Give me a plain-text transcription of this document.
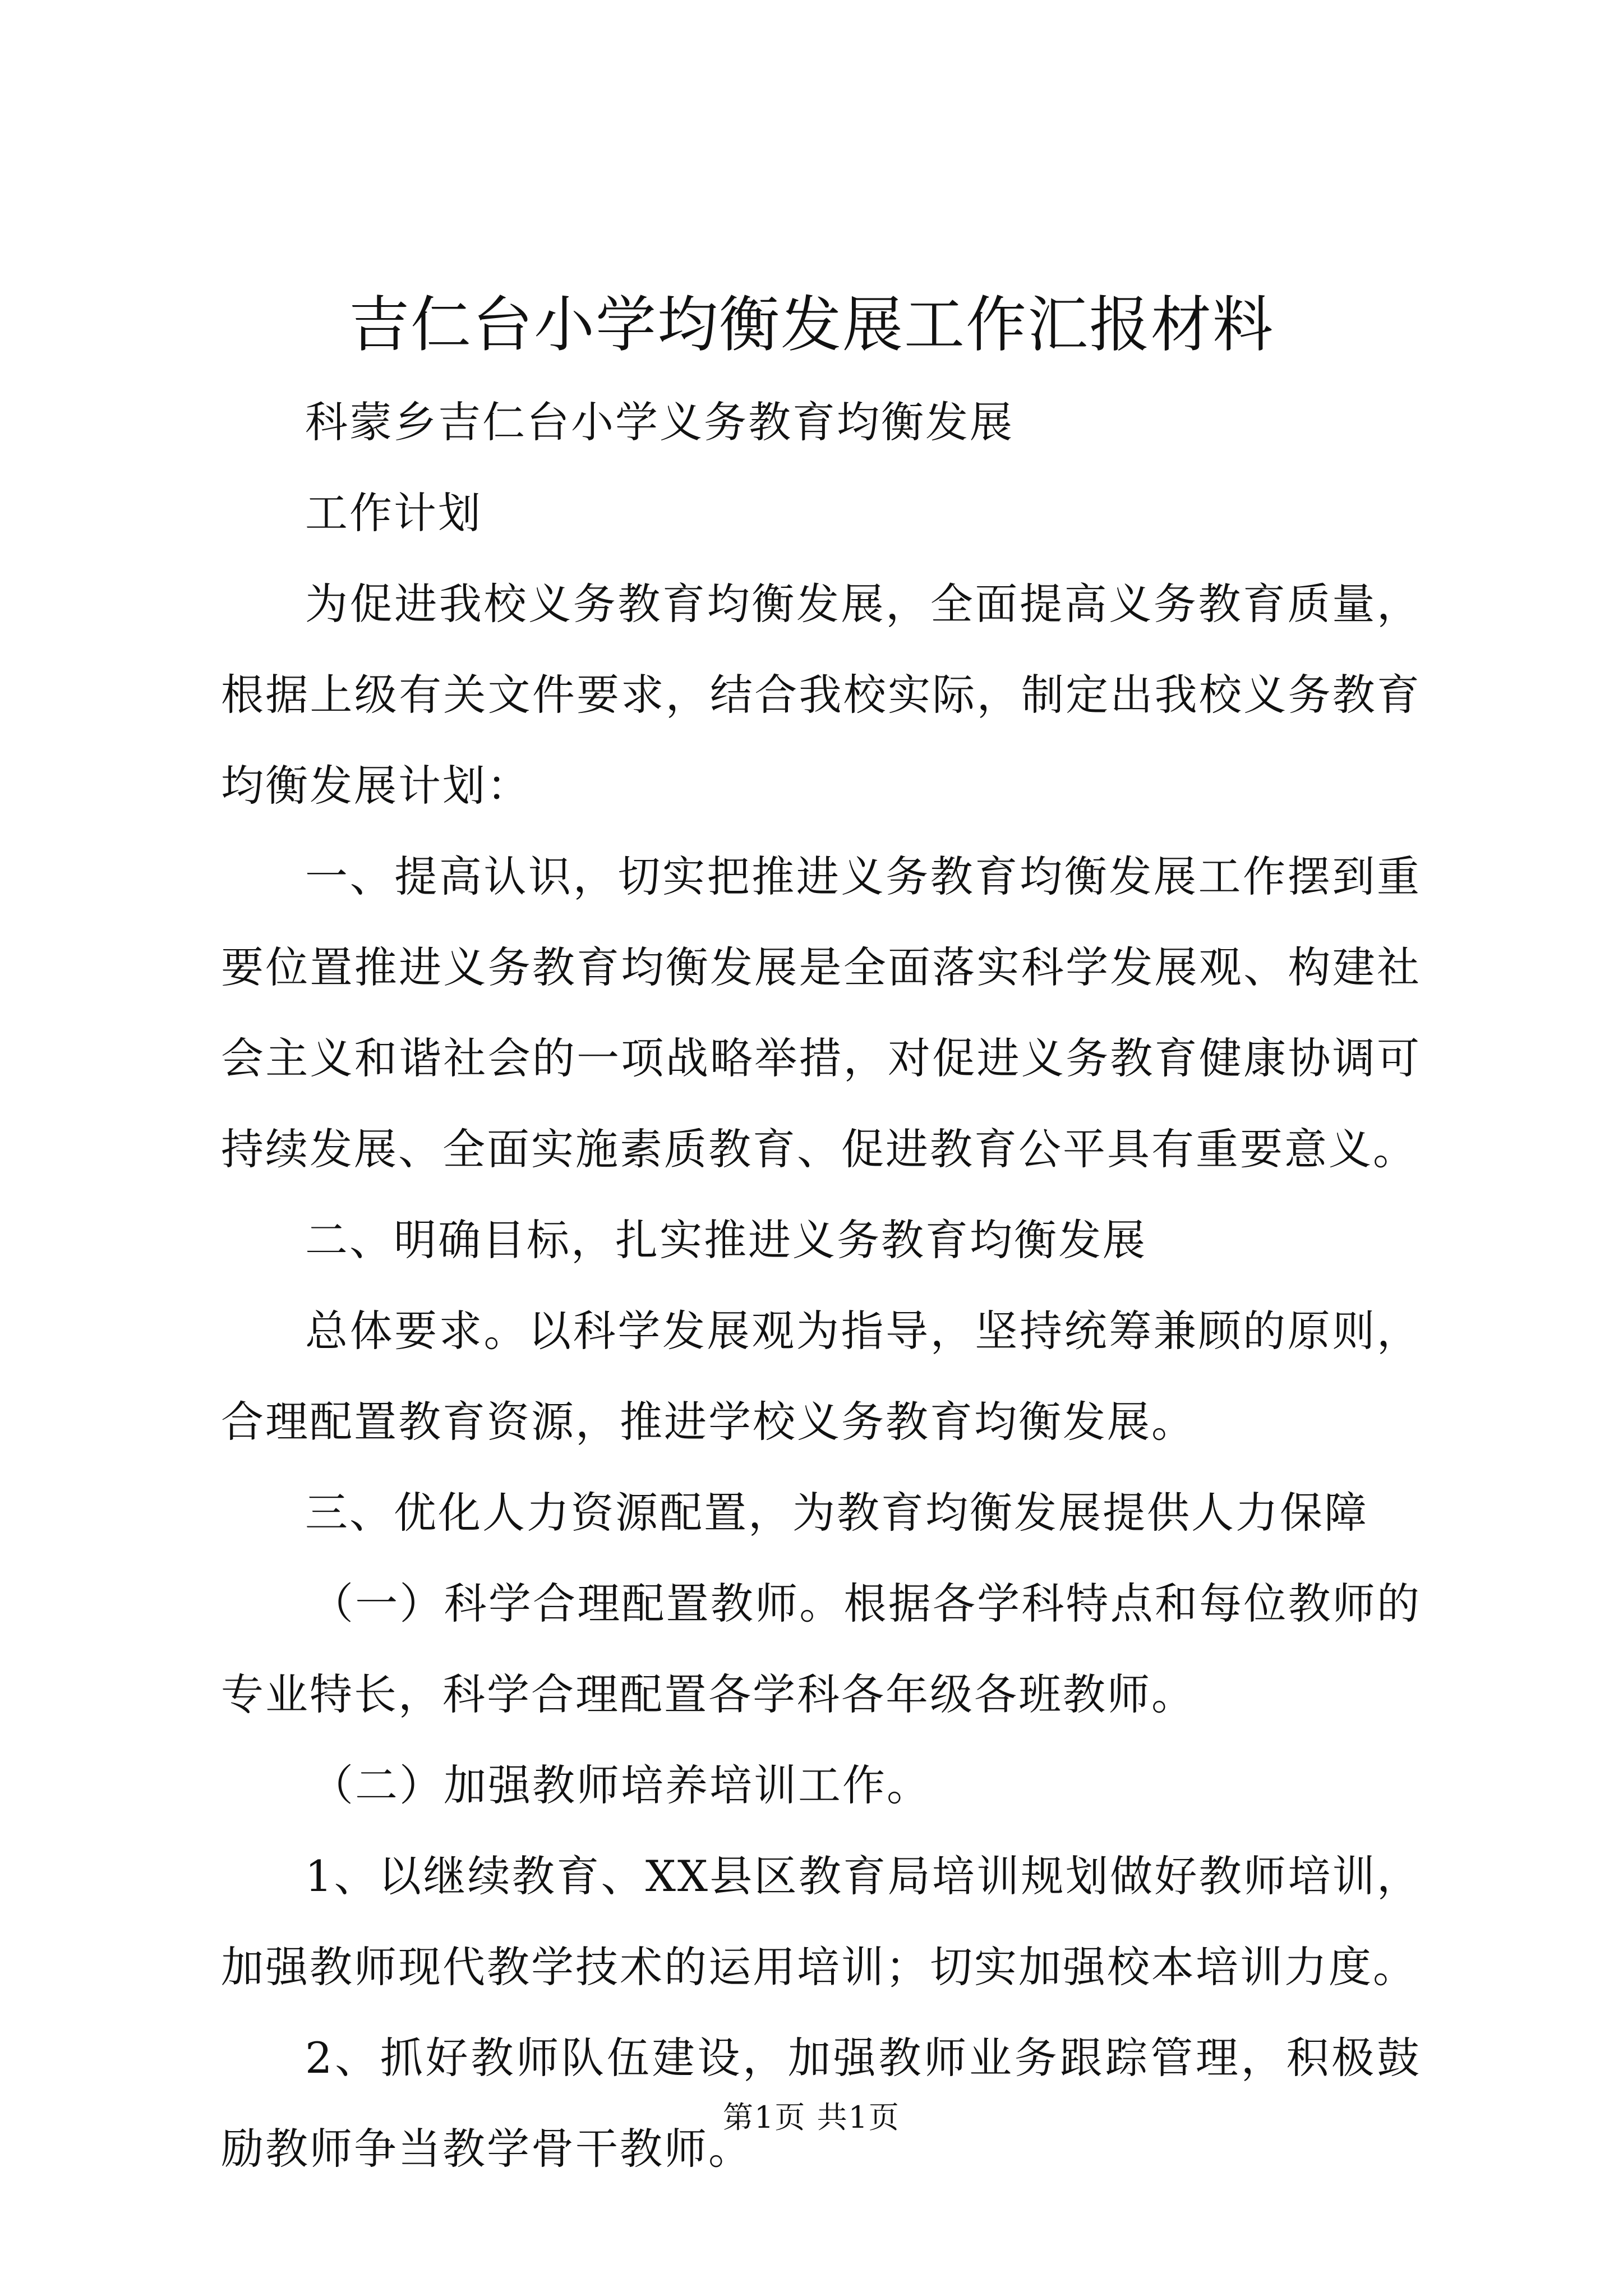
吉仁台小学均衡发展工作汇报材料

科蒙乡吉仁台小学义务教育均衡发展

工作计划

为促进我校义务教育均衡发展，全面提高义务教育质量，根据上级有关文件要求，结合我校实际，制定出我校义务教育均衡发展计划：

一、提高认识，切实把推进义务教育均衡发展工作摆到重要位置推进义务教育均衡发展是全面落实科学发展观、构建社会主义和谐社会的一项战略举措，对促进义务教育健康协调可持续发展、全面实施素质教育、促进教育公平具有重要意义。

二、明确目标，扎实推进义务教育均衡发展

总体要求。以科学发展观为指导，坚持统筹兼顾的原则，合理配置教育资源，推进学校义务教育均衡发展。

三、优化人力资源配置，为教育均衡发展提供人力保障

（一）科学合理配置教师。根据各学科特点和每位教师的专业特长，科学合理配置各学科各年级各班教师。

（二）加强教师培养培训工作。

1、以继续教育、XX县区教育局培训规划做好教师培训，加强教师现代教学技术的运用培训；切实加强校本培训力度。

2、抓好教师队伍建设，加强教师业务跟踪管理，积极鼓励教师争当教学骨干教师。

第1页 共1页
